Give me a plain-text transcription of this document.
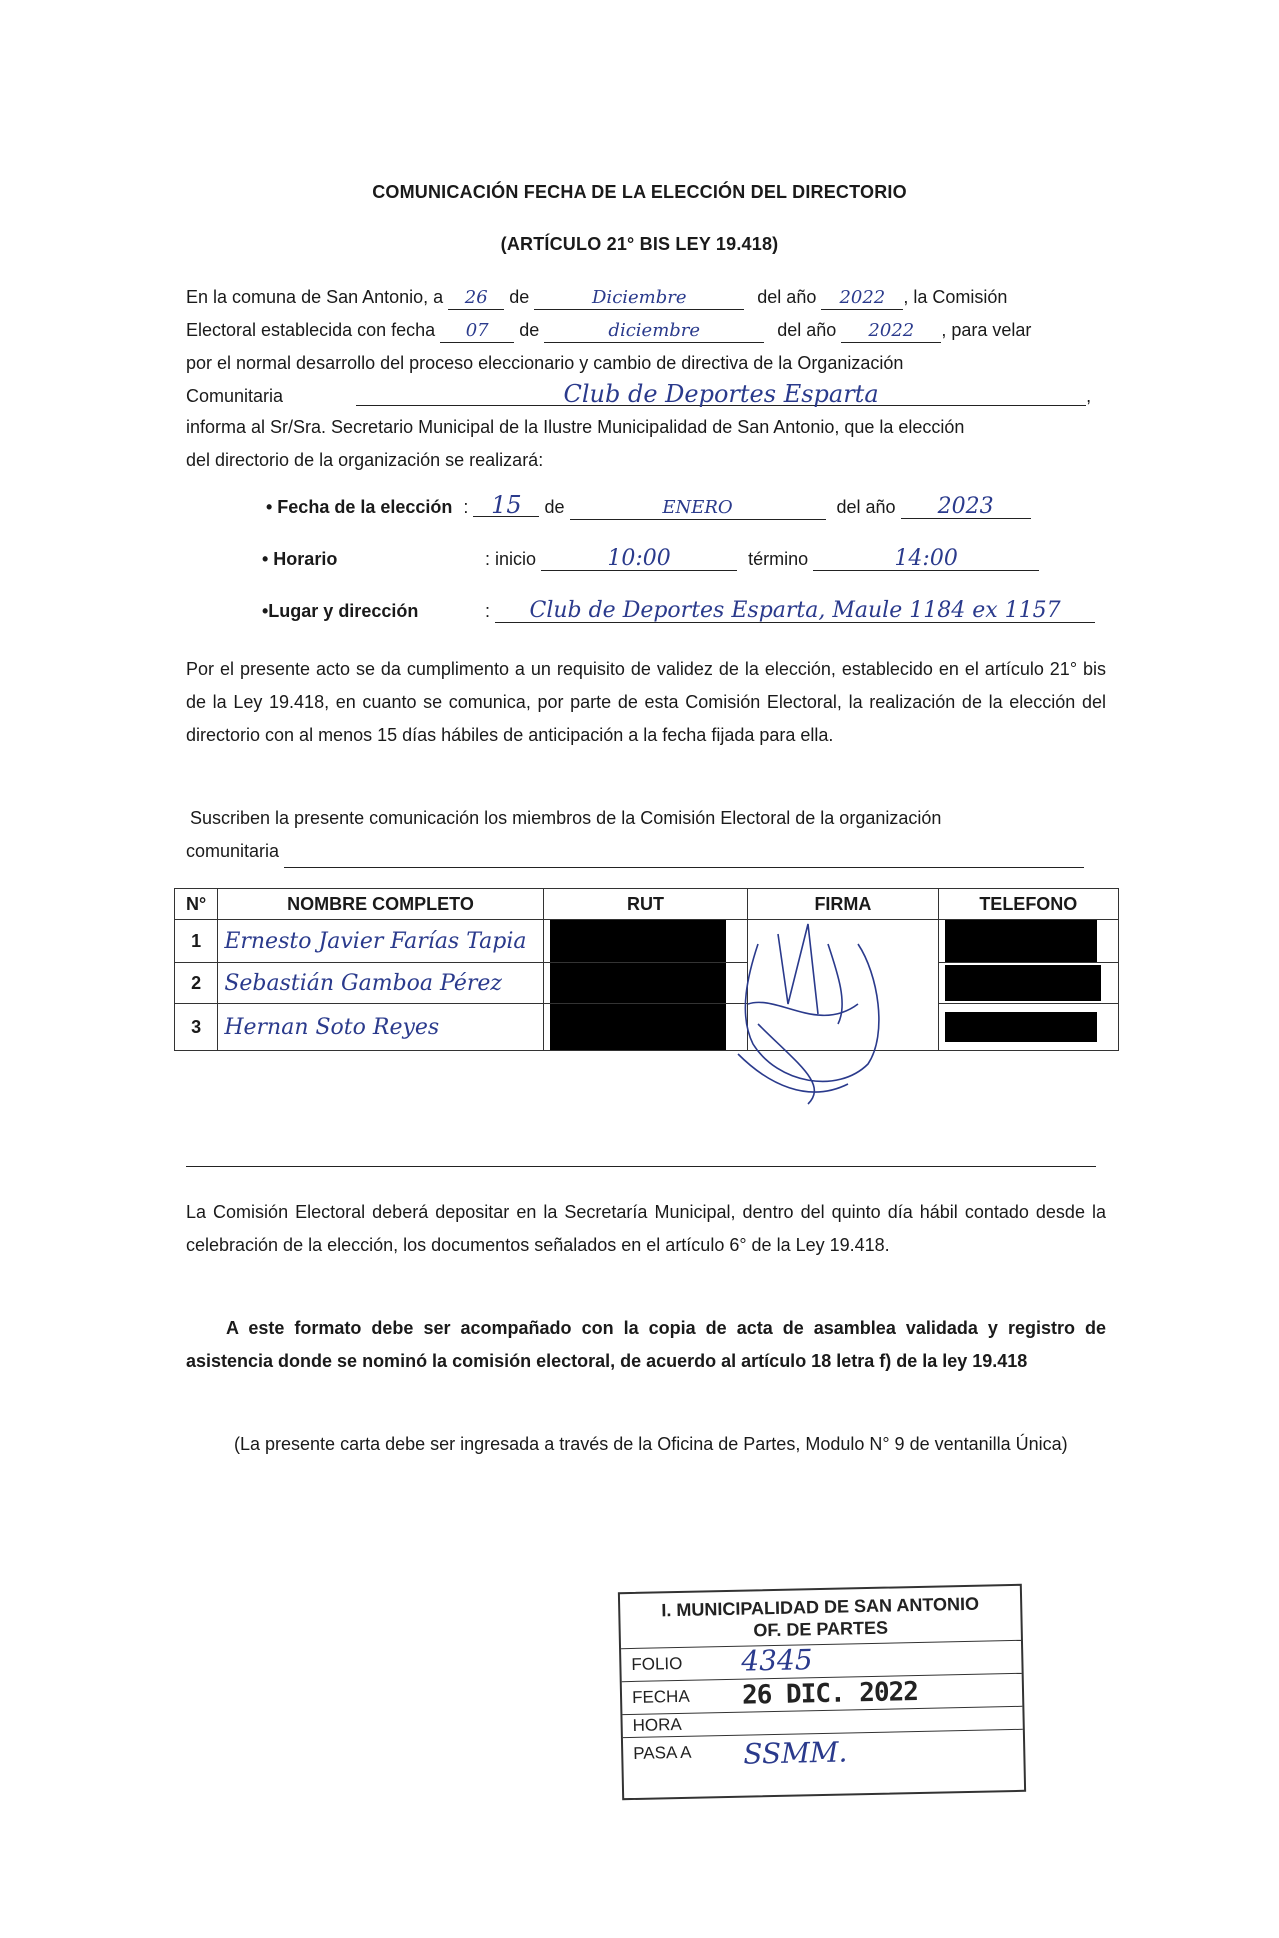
COMUNICACIÓN FECHA DE LA ELECCIÓN DEL DIRECTORIO
(ARTÍCULO 21° BIS LEY 19.418)
En la comuna de San Antonio, a 26 de	Diciembre	del año 2022 , la Comisión
Electoral establecida con fecha 07 de	diciembre	del año 2022 , para velar
por el normal desarrollo del proceso eleccionario y cambio de directiva de la Organización
Comunitaria	Club de Deportes Esparta	,
informa al Sr/Sra. Secretario Municipal de la Ilustre Municipalidad de San Antonio, que la elección
del directorio de la organización se realizará:
• Fecha de la elección : 15 de	ENERO	del año 2023
• Horario	: inicio	10:00	término	14:00
•Lugar y dirección	: Club de Deportes Esparta, Maule 1184 ex 1157
Por el presente acto se da cumplimento a un requisito de validez de la elección, establecido en el artículo 21° bis de la Ley 19.418, en cuanto se comunica, por parte de esta Comisión Electoral, la realización de la elección del directorio con al menos 15 días hábiles de anticipación a la fecha fijada para ella.
Suscriben la presente comunicación los miembros de la Comisión Electoral de la organización
comunitaria
N°	NOMBRE COMPLETO	RUT	FIRMA	TELEFONO
1	Ernesto Javier Farías Tapia		

2	Sebastián Gamboa Pérez			
3	Hernan Soto Reyes			
La Comisión Electoral deberá depositar en la Secretaría Municipal, dentro del quinto día hábil contado desde la celebración de la elección, los documentos señalados en el artículo 6° de la Ley 19.418.
A este formato debe ser acompañado con la copia de acta de asamblea validada y registro de asistencia donde se nominó la comisión electoral, de acuerdo al artículo 18 letra f) de la ley 19.418
(La presente carta debe ser ingresada a través de la Oficina de Partes, Modulo N° 9 de ventanilla Única)
I. MUNICIPALIDAD DE SAN ANTONIO
OF. DE PARTES
FOLIO 4345
FECHA 26 DIC. 2022
HORA
PASA A SSMM.
